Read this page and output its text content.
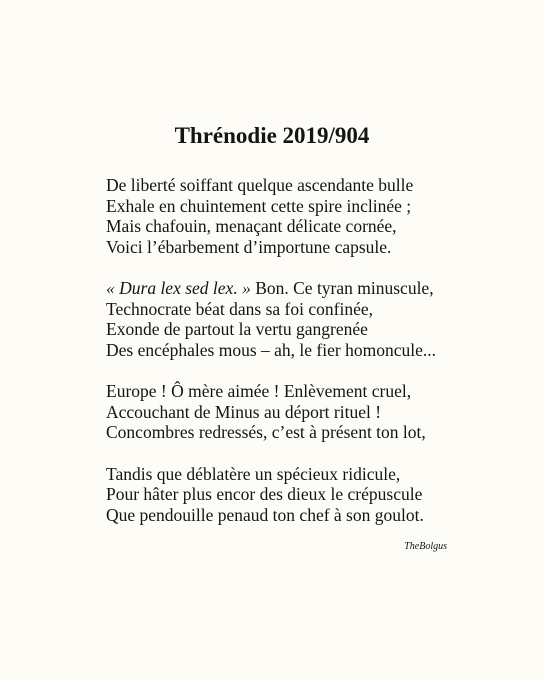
Thrénodie 2019/904
De liberté soiffant quelque ascendante bulle
Exhale en chuintement cette spire inclinée ;
Mais chafouin, menaçant délicate cornée,
Voici l’ébarbement d’importune capsule.
« Dura lex sed lex. » Bon. Ce tyran minuscule,
Technocrate béat dans sa foi confinée,
Exonde de partout la vertu gangrenée
Des encéphales mous – ah, le fier homoncule...
Europe ! Ô mère aimée ! Enlèvement cruel,
Accouchant de Minus au déport rituel !
Concombres redressés, c’est à présent ton lot,
Tandis que déblatère un spécieux ridicule,
Pour hâter plus encor des dieux le crépuscule
Que pendouille penaud ton chef à son goulot.
TheBolgus
